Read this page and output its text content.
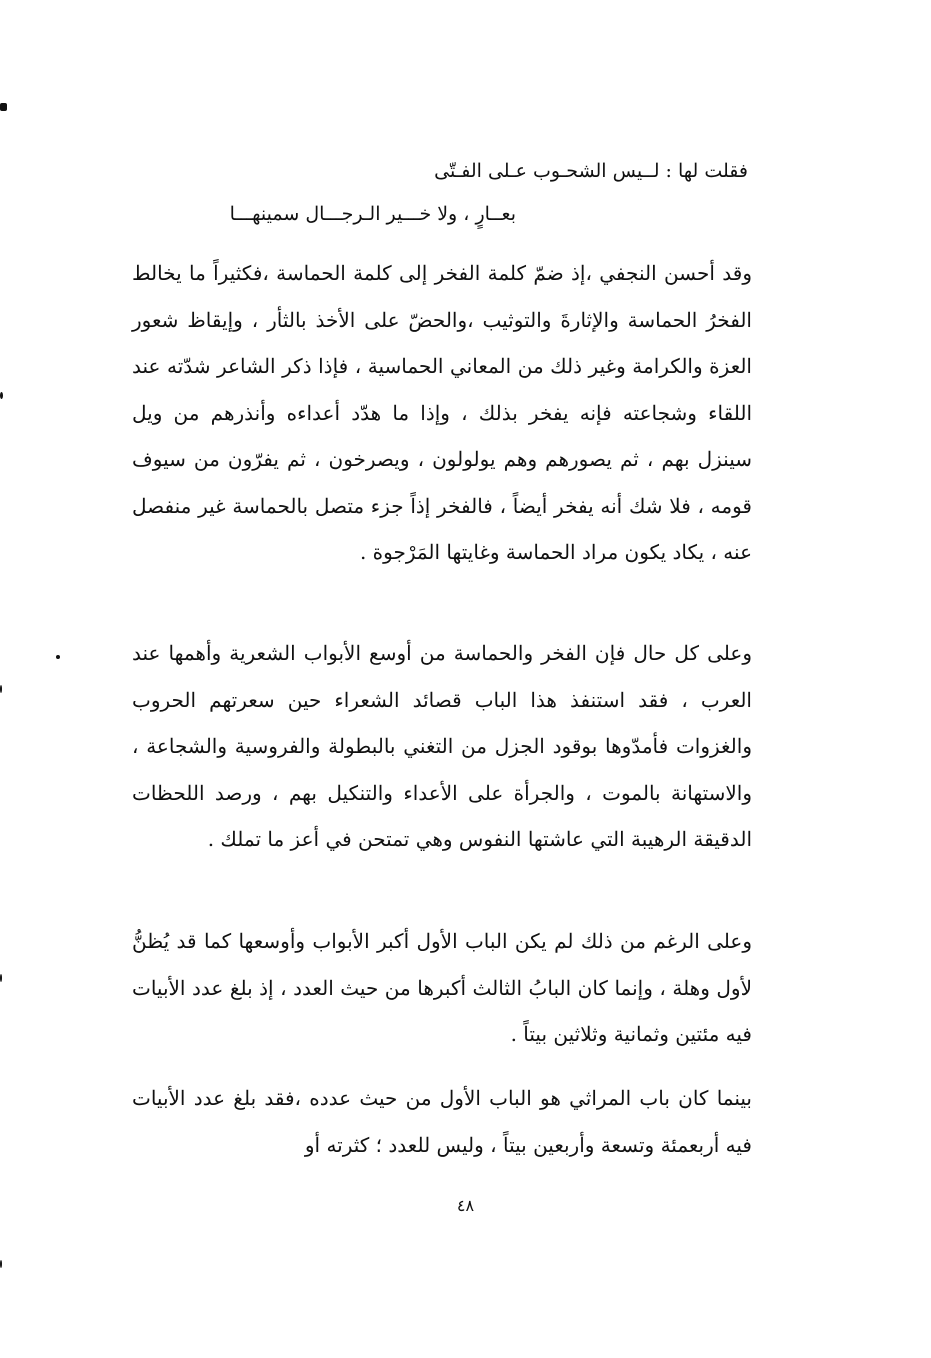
فقلت لها : لــيس الشحـوب عـلى الفـتّى

بعــارٍ ، ولا خـــير الـرجـــال سمينهـــا

وقد أحسن النجفي ،إذ ضمّ كلمة الفخر إلى كلمة الحماسة ،فكثيراً ما يخالط الفخرُ الحماسة والإثارةَ والتوثيب ،والحضّ على الأخذ بالثأر ، وإيقاظ شعور العزة والكرامة وغير ذلك من المعاني الحماسية ، فإذا ذكر الشاعر شدّته عند اللقاء وشجاعته فإنه يفخر بذلك ، وإذا ما هدّد أعداءه وأنذرهم من ويل سينزل بهم ، ثم يصورهم وهم يولولون ، ويصرخون ، ثم يفرّون من سيوف قومه ، فلا شك أنه يفخر أيضاً ، فالفخر إذاً جزء متصل بالحماسة غير منفصل عنه ، يكاد يكون مراد الحماسة وغايتها المَرْجوة .

وعلى كل حال فإن الفخر والحماسة من أوسع الأبواب الشعرية وأهمها عند العرب ، فقد استنفذ هذا الباب قصائد الشعراء حين سعرتهم الحروب والغزوات فأمدّوها بوقود الجزل من التغني بالبطولة والفروسية والشجاعة ، والاستهانة بالموت ، والجرأة على الأعداء والتنكيل بهم ، ورصد اللحظات الدقيقة الرهيبة التي عاشتها النفوس وهي تمتحن في أعز ما تملك .

وعلى الرغم من ذلك لم يكن الباب الأول أكبر الأبواب وأوسعها كما قد يُظنُّ لأول وهلة ، وإنما كان البابُ الثالث أكبرها من حيث العدد ، إذ بلغ عدد الأبيات فيه مئتين وثمانية وثلاثين بيتاً .

بينما كان باب المراثي هو الباب الأول من حيث عدده ،فقد بلغ عدد الأبيات فيه أربعمئة وتسعة وأربعين بيتاً ، وليس للعدد ؛ كثرته أو

٤٨
